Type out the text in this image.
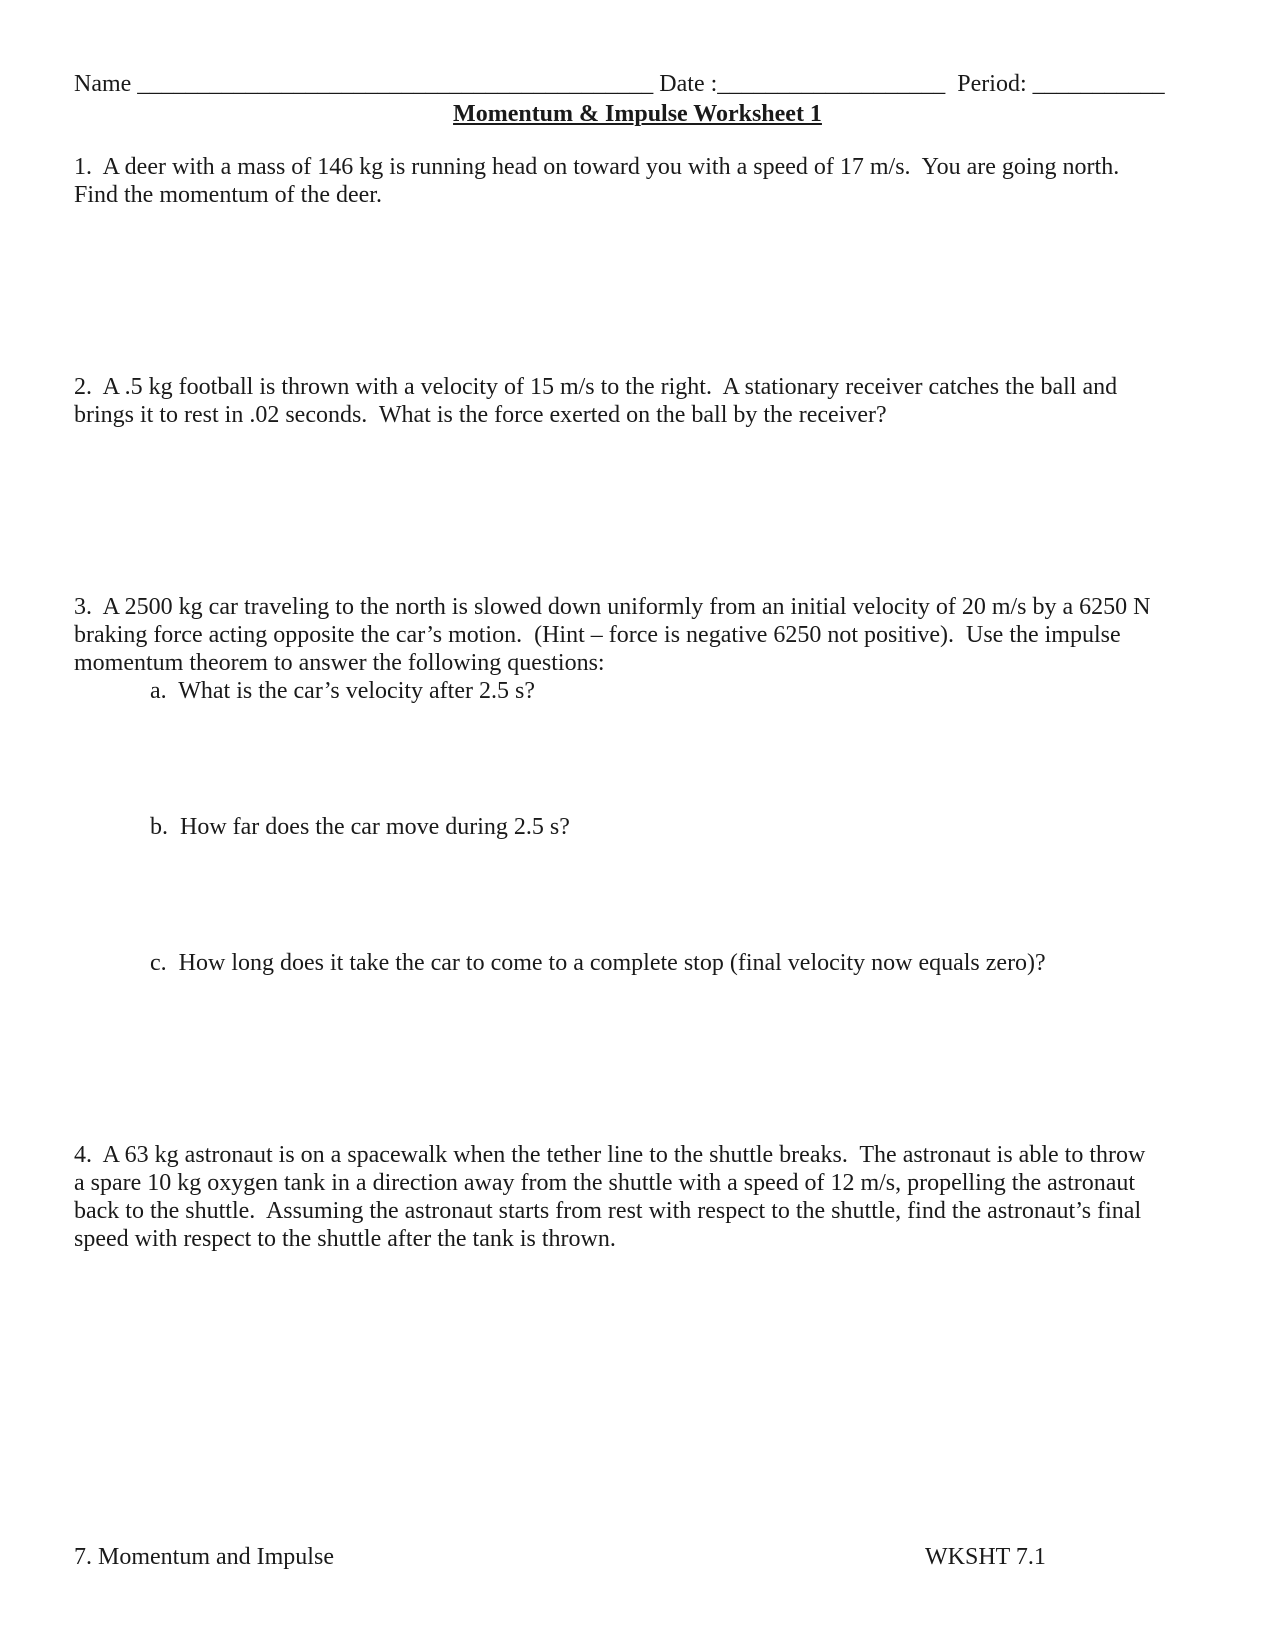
Name ___________________________________________ Date :___________________  Period: ___________
Momentum & Impulse Worksheet 1
1.  A deer with a mass of 146 kg is running head on toward you with a speed of 17 m/s.  You are going north.
Find the momentum of the deer.
2.  A .5 kg football is thrown with a velocity of 15 m/s to the right.  A stationary receiver catches the ball and
brings it to rest in .02 seconds.  What is the force exerted on the ball by the receiver?
3.  A 2500 kg car traveling to the north is slowed down uniformly from an initial velocity of 20 m/s by a 6250 N
braking force acting opposite the car’s motion.  (Hint – force is negative 6250 not positive).  Use the impulse
momentum theorem to answer the following questions:
a.  What is the car’s velocity after 2.5 s?
b.  How far does the car move during 2.5 s?
c.  How long does it take the car to come to a complete stop (final velocity now equals zero)?
4.  A 63 kg astronaut is on a spacewalk when the tether line to the shuttle breaks.  The astronaut is able to throw
a spare 10 kg oxygen tank in a direction away from the shuttle with a speed of 12 m/s, propelling the astronaut
back to the shuttle.  Assuming the astronaut starts from rest with respect to the shuttle, find the astronaut’s final
speed with respect to the shuttle after the tank is thrown.
7. Momentum and Impulse	WKSHT 7.1
